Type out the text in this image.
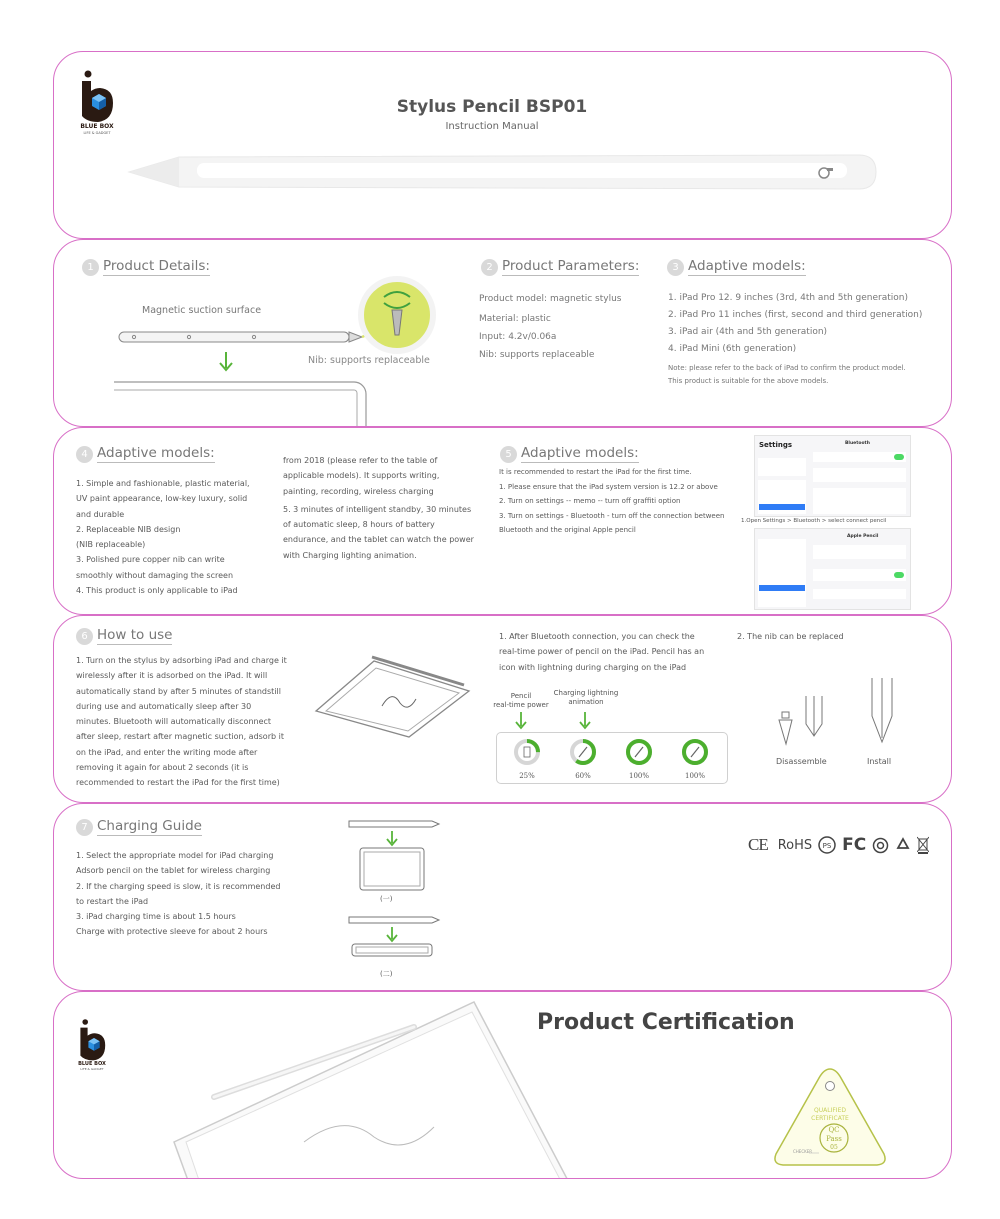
BLUE BOX
LIFE & GADGET
Stylus Pencil BSP01
Instruction Manual
1 Product Details:
Magnetic suction surface
Nib: supports replaceable
2 Product Parameters:
Product model: magnetic stylus
Material: plastic
Input: 4.2v/0.06a
Nib: supports replaceable
3 Adaptive models:
1. iPad Pro 12. 9 inches (3rd, 4th and 5th generation)
2. iPad Pro 11 inches (first, second and third generation)
3. iPad air (4th and 5th generation)
4. iPad Mini (6th generation)
Note: please refer to the back of iPad to confirm the product model.
This product is suitable for the above models.
4 Adaptive models:
1. Simple and fashionable, plastic material,
UV paint appearance, low-key luxury, solid
and durable
2. Replaceable NIB design
(NIB replaceable)
3. Polished pure copper nib can write
smoothly without damaging the screen
4. This product is only applicable to iPad
from 2018 (please refer to the table of
applicable models). It supports writing,
painting, recording, wireless charging
5. 3 minutes of intelligent standby, 30 minutes
of automatic sleep, 8 hours of battery
endurance, and the tablet can watch the power
with Charging lighting animation.
5 Adaptive models:
It is recommended to restart the iPad for the first time.
1. Please ensure that the iPad system version is 12.2 or above
2. Turn on settings -- memo -- turn off graffiti option
3. Turn on settings - Bluetooth - turn off the connection between
Bluetooth and the original Apple pencil
Settings	Bluetooth
1.Open Settings > Bluetooth > select connect pencil
Apple Pencil
6 How to use
1. Turn on the stylus by adsorbing iPad and charge it
wirelessly after it is adsorbed on the iPad. It will
automatically stand by after 5 minutes of standstill
during use and automatically sleep after 30
minutes. Bluetooth will automatically disconnect
after sleep, restart after magnetic suction, adsorb it
on the iPad, and enter the writing mode after
removing it again for about 2 seconds (it is
recommended to restart the iPad for the first time)
1. After Bluetooth connection, you can check the
real-time power of pencil on the iPad. Pencil has an
icon with lightning during charging on the iPad
Pencil
real-time power
Charging lightning
animation
25%	60%	100%	100%
2. The nib can be replaced
Disassemble	Install
7 Charging Guide
1. Select the appropriate model for iPad charging
Adsorb pencil on the tablet for wireless charging
2. If the charging speed is slow, it is recommended
to restart the iPad
3. iPad charging time is about 1.5 hours
Charge with protective sleeve for about 2 hours
(一)
(二)
CE RoHS PS FC
BLUE BOX
LIFE & GADGET
Product Certification
QUALIFIED
CERTIFICATE
QC
Pass
05
CHECKER
